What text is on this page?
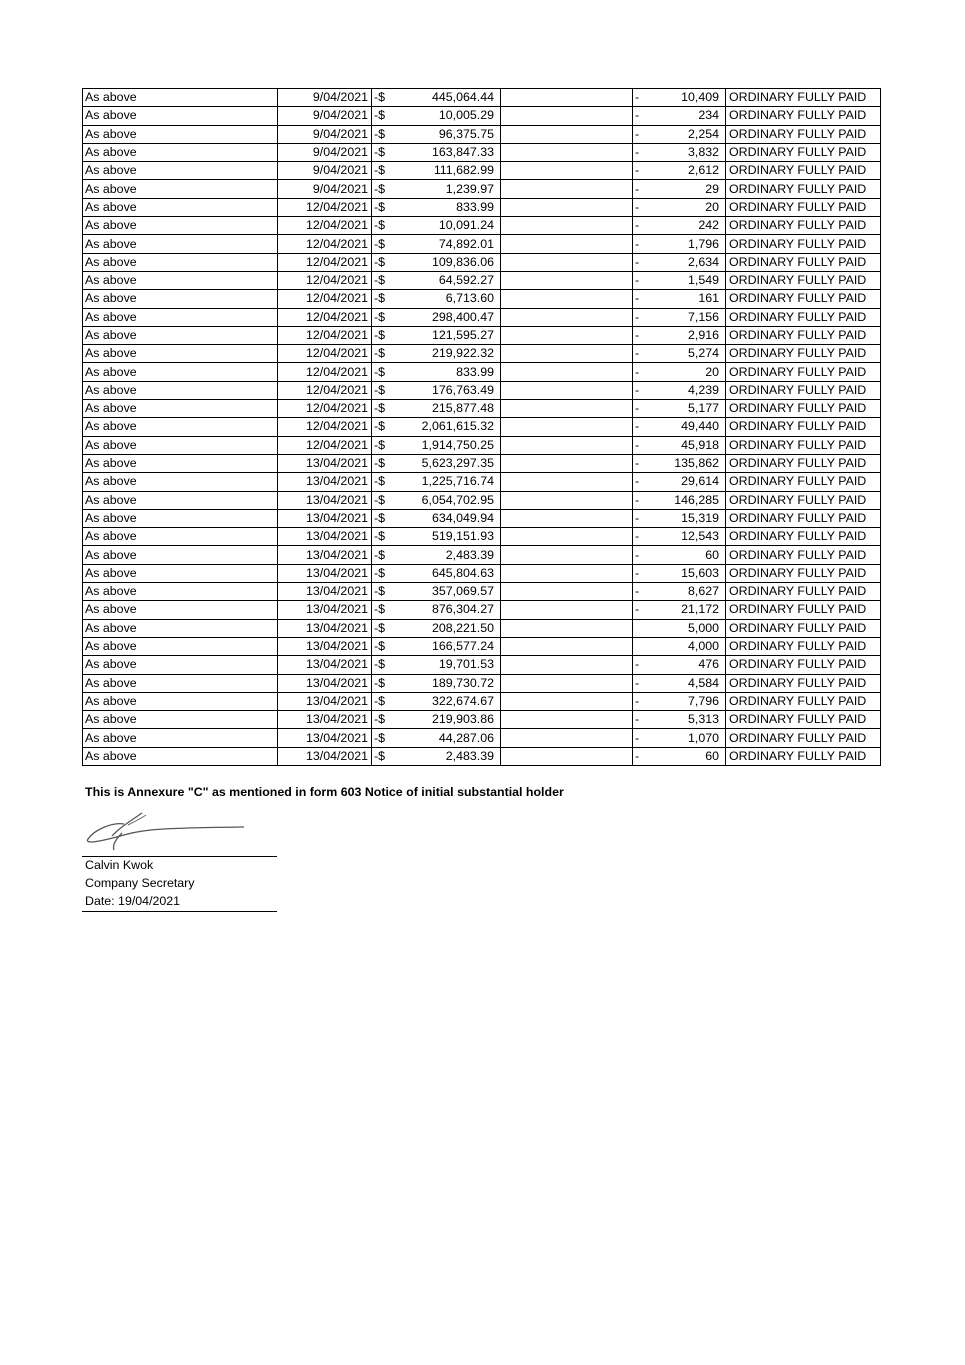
As above	9/04/2021	-$	445,064.44		-	10,409	ORDINARY FULLY PAID
As above	9/04/2021	-$	10,005.29		-	234	ORDINARY FULLY PAID
As above	9/04/2021	-$	96,375.75		-	2,254	ORDINARY FULLY PAID
As above	9/04/2021	-$	163,847.33		-	3,832	ORDINARY FULLY PAID
As above	9/04/2021	-$	111,682.99		-	2,612	ORDINARY FULLY PAID
As above	9/04/2021	-$	1,239.97		-	29	ORDINARY FULLY PAID
As above	12/04/2021	-$	833.99		-	20	ORDINARY FULLY PAID
As above	12/04/2021	-$	10,091.24		-	242	ORDINARY FULLY PAID
As above	12/04/2021	-$	74,892.01		-	1,796	ORDINARY FULLY PAID
As above	12/04/2021	-$	109,836.06		-	2,634	ORDINARY FULLY PAID
As above	12/04/2021	-$	64,592.27		-	1,549	ORDINARY FULLY PAID
As above	12/04/2021	-$	6,713.60		-	161	ORDINARY FULLY PAID
As above	12/04/2021	-$	298,400.47		-	7,156	ORDINARY FULLY PAID
As above	12/04/2021	-$	121,595.27		-	2,916	ORDINARY FULLY PAID
As above	12/04/2021	-$	219,922.32		-	5,274	ORDINARY FULLY PAID
As above	12/04/2021	-$	833.99		-	20	ORDINARY FULLY PAID
As above	12/04/2021	-$	176,763.49		-	4,239	ORDINARY FULLY PAID
As above	12/04/2021	-$	215,877.48		-	5,177	ORDINARY FULLY PAID
As above	12/04/2021	-$	2,061,615.32		-	49,440	ORDINARY FULLY PAID
As above	12/04/2021	-$	1,914,750.25		-	45,918	ORDINARY FULLY PAID
As above	13/04/2021	-$	5,623,297.35		-	135,862	ORDINARY FULLY PAID
As above	13/04/2021	-$	1,225,716.74		-	29,614	ORDINARY FULLY PAID
As above	13/04/2021	-$	6,054,702.95		-	146,285	ORDINARY FULLY PAID
As above	13/04/2021	-$	634,049.94		-	15,319	ORDINARY FULLY PAID
As above	13/04/2021	-$	519,151.93		-	12,543	ORDINARY FULLY PAID
As above	13/04/2021	-$	2,483.39		-	60	ORDINARY FULLY PAID
As above	13/04/2021	-$	645,804.63		-	15,603	ORDINARY FULLY PAID
As above	13/04/2021	-$	357,069.57		-	8,627	ORDINARY FULLY PAID
As above	13/04/2021	-$	876,304.27		-	21,172	ORDINARY FULLY PAID
As above	13/04/2021	-$	208,221.50			5,000	ORDINARY FULLY PAID
As above	13/04/2021	-$	166,577.24			4,000	ORDINARY FULLY PAID
As above	13/04/2021	-$	19,701.53		-	476	ORDINARY FULLY PAID
As above	13/04/2021	-$	189,730.72		-	4,584	ORDINARY FULLY PAID
As above	13/04/2021	-$	322,674.67		-	7,796	ORDINARY FULLY PAID
As above	13/04/2021	-$	219,903.86		-	5,313	ORDINARY FULLY PAID
As above	13/04/2021	-$	44,287.06		-	1,070	ORDINARY FULLY PAID
As above	13/04/2021	-$	2,483.39		-	60	ORDINARY FULLY PAID
This is Annexure "C" as mentioned in form 603 Notice of initial substantial holder
Calvin Kwok
Company Secretary
Date: 19/04/2021
